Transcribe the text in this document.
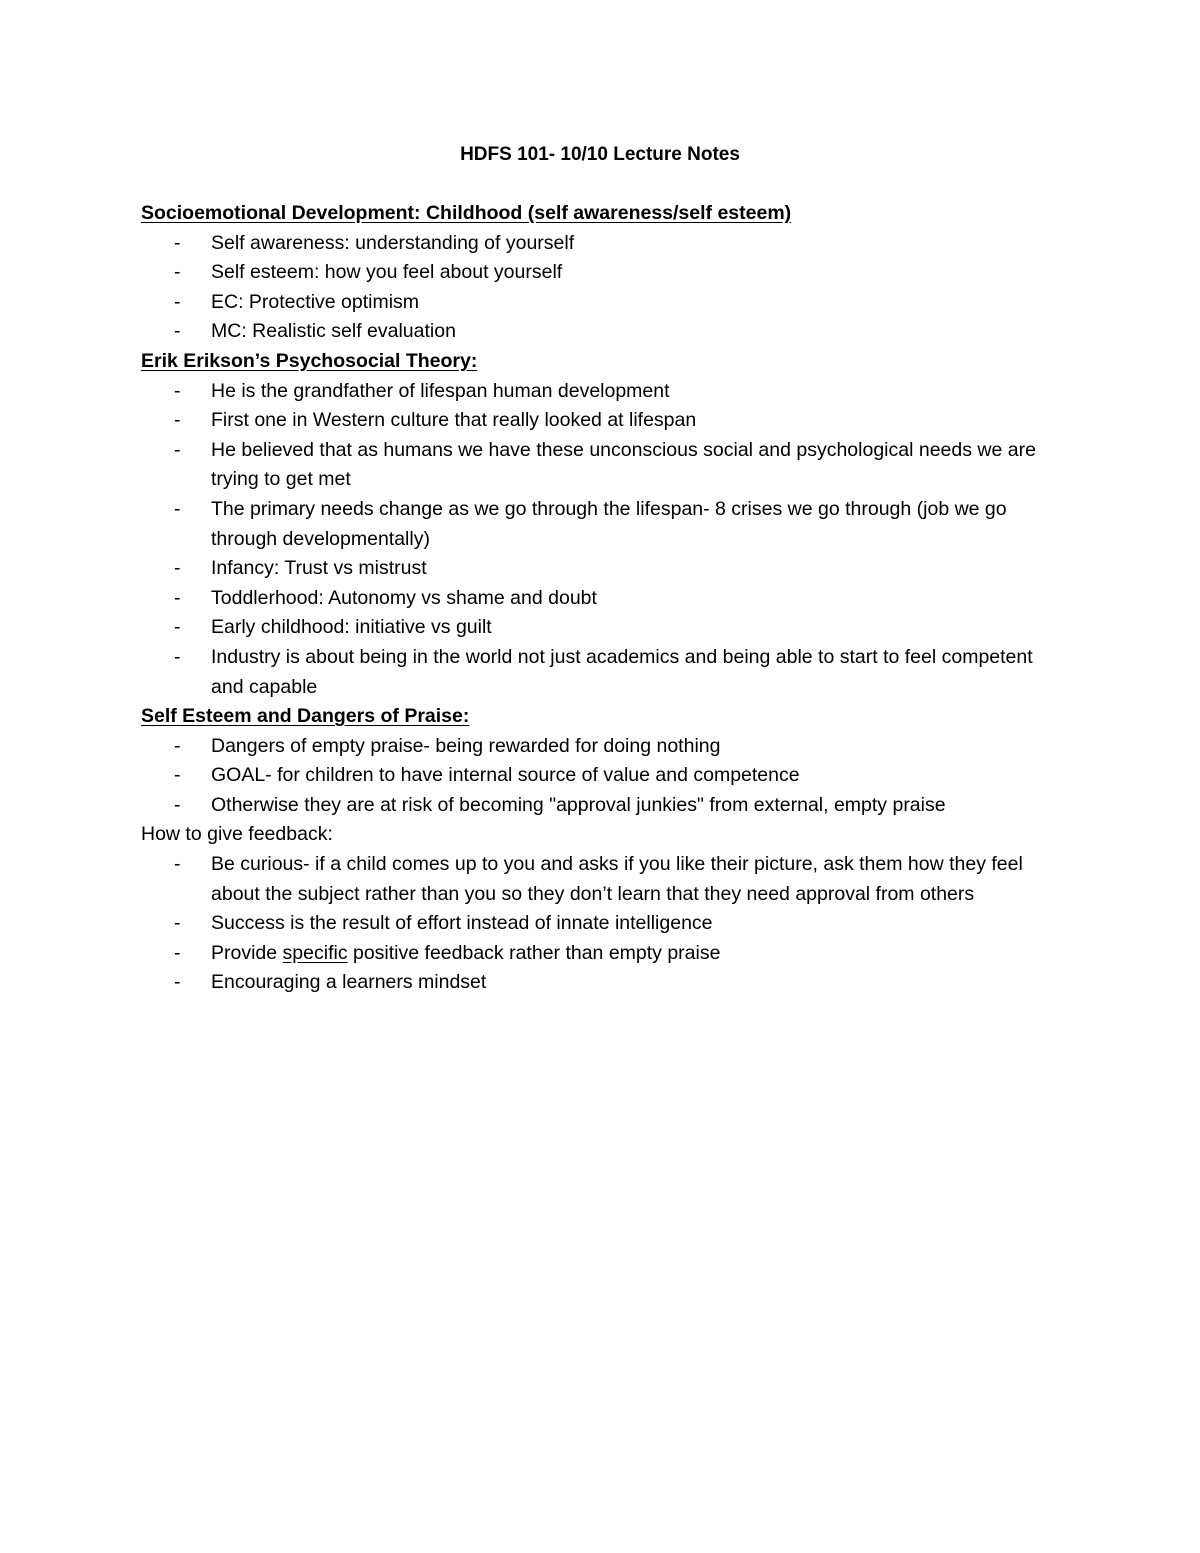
HDFS 101- 10/10 Lecture Notes

Socioemotional Development: Childhood (self awareness/self esteem)

- Self awareness: understanding of yourself
- Self esteem: how you feel about yourself
- EC: Protective optimism
- MC: Realistic self evaluation

Erik Erikson’s Psychosocial Theory:

- He is the grandfather of lifespan human development
- First one in Western culture that really looked at lifespan
- He believed that as humans we have these unconscious social and psychological needs we are trying to get met
- The primary needs change as we go through the lifespan- 8 crises we go through (job we go through developmentally)
- Infancy: Trust vs mistrust
- Toddlerhood: Autonomy vs shame and doubt
- Early childhood: initiative vs guilt
- Industry is about being in the world not just academics and being able to start to feel competent and capable

Self Esteem and Dangers of Praise:

- Dangers of empty praise- being rewarded for doing nothing
- GOAL- for children to have internal source of value and competence
- Otherwise they are at risk of becoming "approval junkies" from external, empty praise

How to give feedback:

- Be curious- if a child comes up to you and asks if you like their picture, ask them how they feel about the subject rather than you so they don’t learn that they need approval from others
- Success is the result of effort instead of innate intelligence
- Provide specific positive feedback rather than empty praise
- Encouraging a learners mindset
